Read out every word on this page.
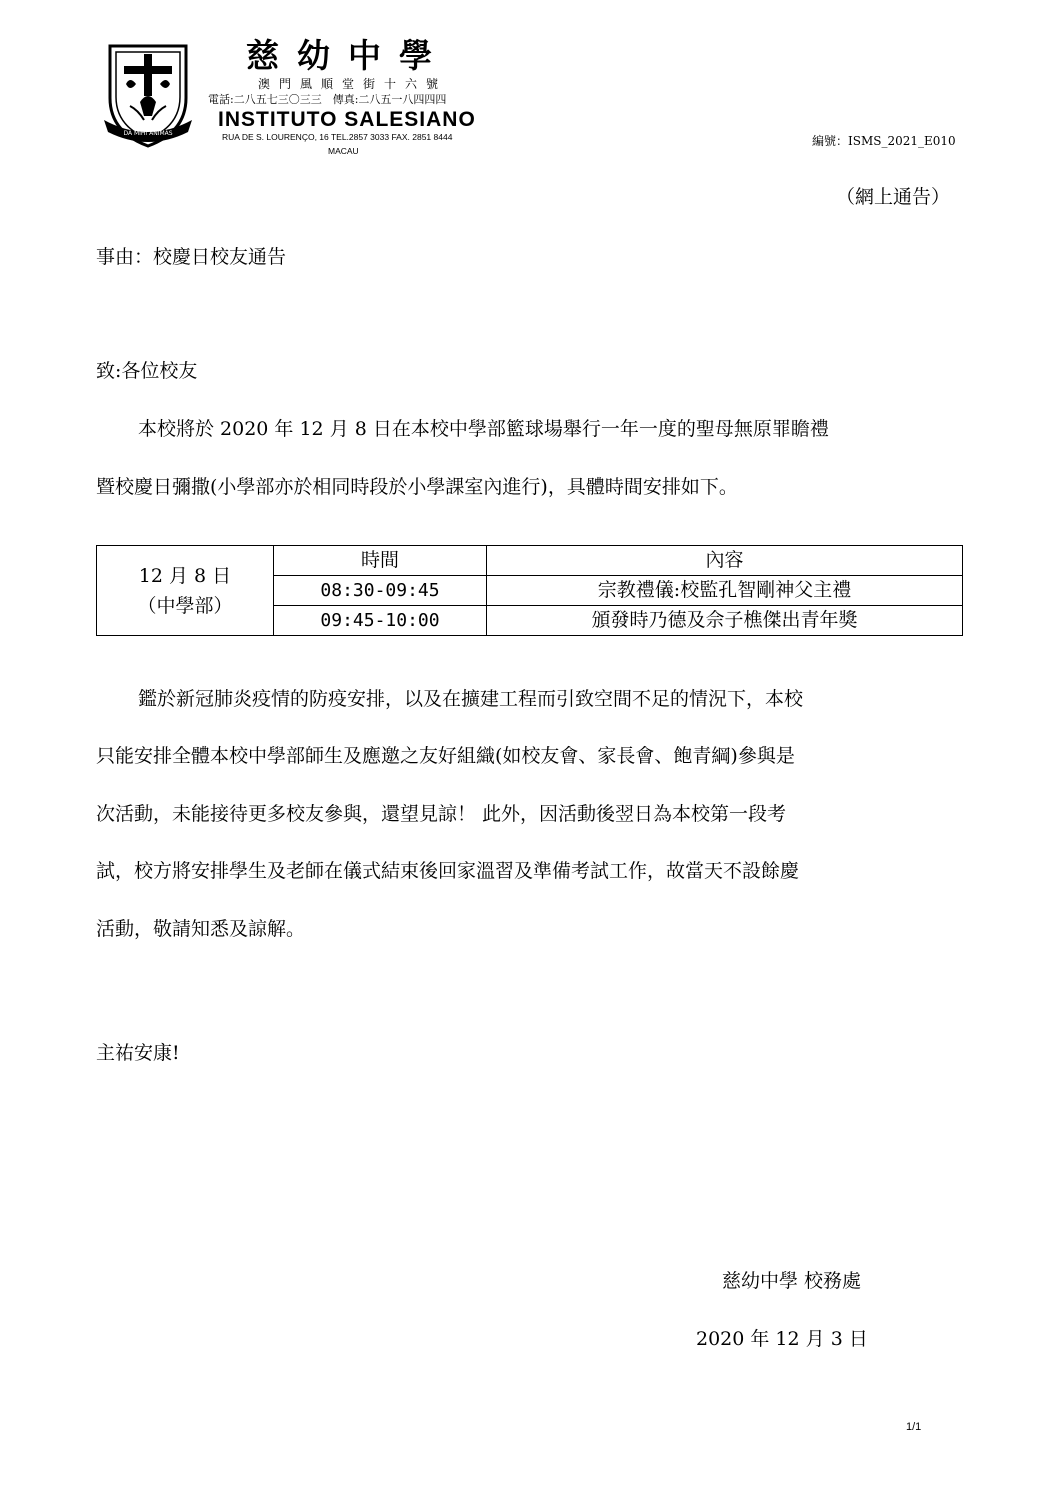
DA MIHI ANIMAS
慈幼中學
澳門風順堂街十六號
電話:二八五七三〇三三　傳真:二八五一八四四四
INSTITUTO SALESIANO
RUA DE S. LOURENÇO, 16 TEL.2857 3033 FAX. 2851 8444
MACAU
編號：ISMS_2021_E010
（網上通告）
事由：校慶日校友通告
致:各位校友
本校將於 2020 年 12 月 8 日在本校中學部籃球場舉行一年一度的聖母無原罪瞻禮
暨校慶日彌撒(小學部亦於相同時段於小學課室內進行)，具體時間安排如下。
12 月 8 日
（中學部）	時間	內容
	08:30-09:45	宗教禮儀:校監孔智剛神父主禮
	09:45-10:00	頒發時乃德及佘子樵傑出青年獎
鑑於新冠肺炎疫情的防疫安排，以及在擴建工程而引致空間不足的情況下，本校
只能安排全體本校中學部師生及應邀之友好組織(如校友會、家長會、飽青綱)參與是
次活動，未能接待更多校友參與，還望見諒！ 此外，因活動後翌日為本校第一段考
試，校方將安排學生及老師在儀式結束後回家溫習及準備考試工作，故當天不設餘慶
活動，敬請知悉及諒解。
主祐安康!
慈幼中學 校務處
2020 年 12 月 3 日
1/1
